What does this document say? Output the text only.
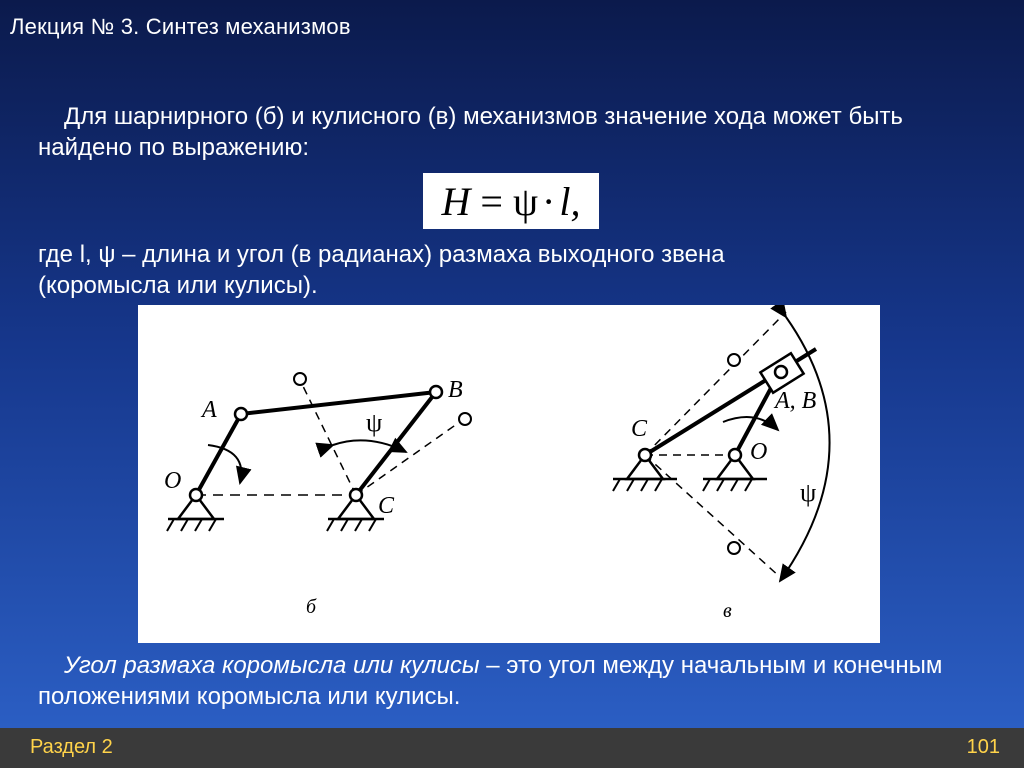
Лекция № 3. Синтез механизмов
Для шарнирного (б) и кулисного (в) механизмов значение хода может быть найдено по выражению:
H = ψ · l,
где l, ψ – длина и угол (в радианах) размаха выходного звена (коромысла или кулисы).
A
B
O
C
ψ
б
C
A, B
O
ψ
в
Угол размаха коромысла или кулисы – это угол между начальным и конечным положениями коромысла или кулисы.
Раздел 2	101
